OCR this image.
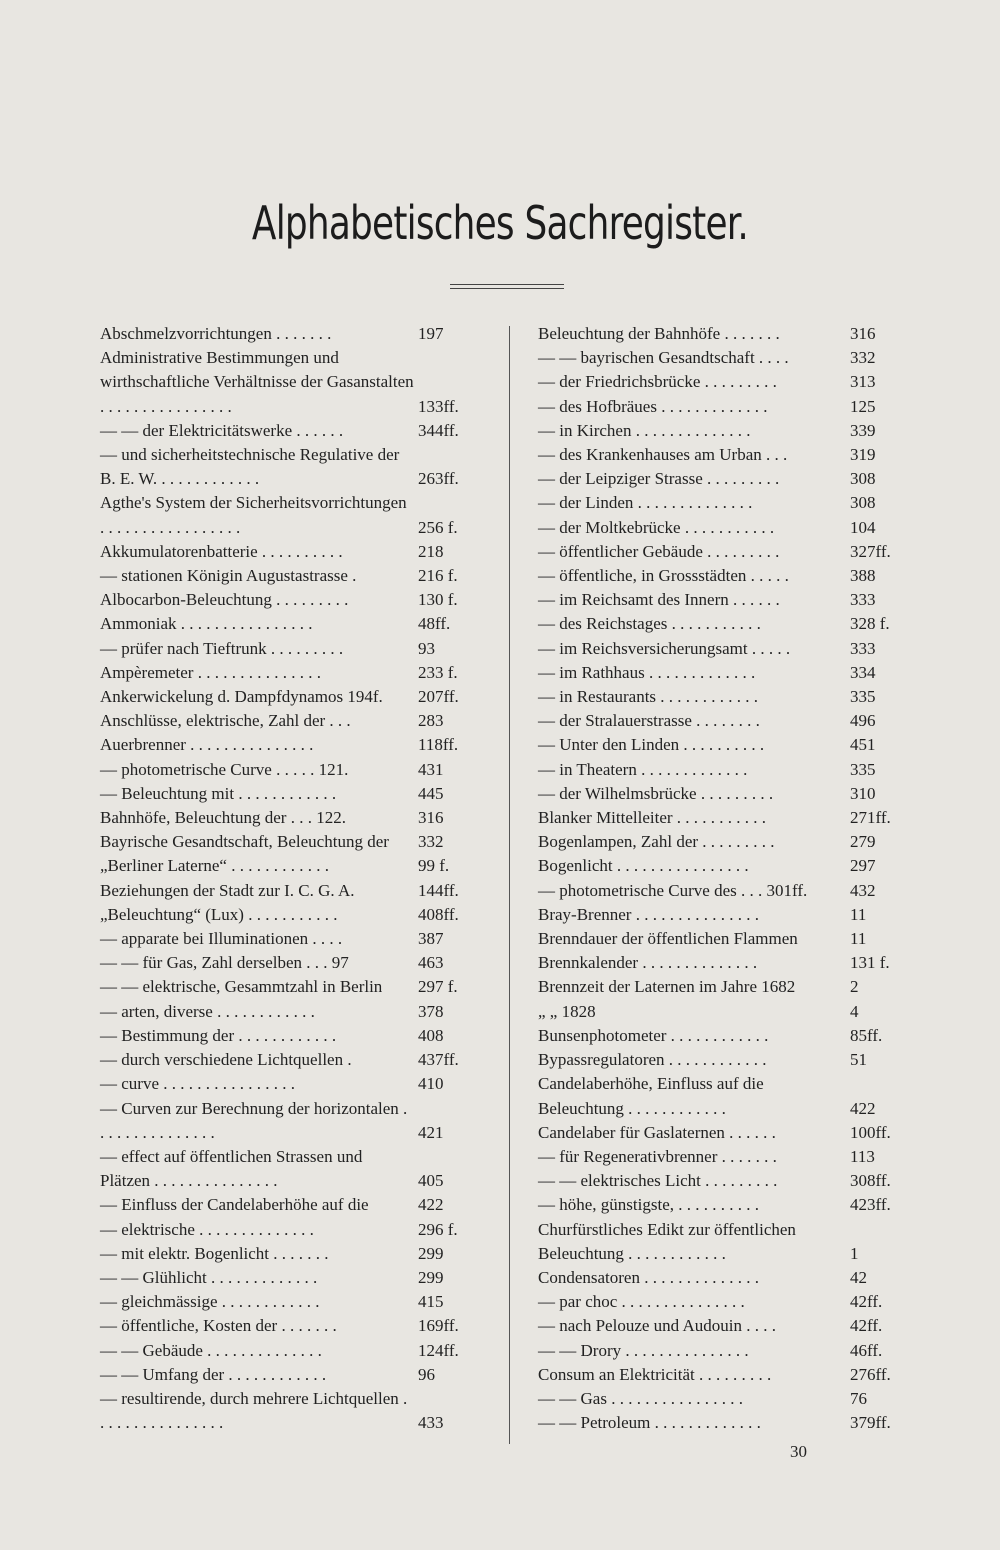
Alphabetisches Sachregister.
Abschmelzvorrichtungen . . . . . . .	197
Administrative Bestimmungen und wirthschaftliche Verhältnisse der Gasanstalten . . . . . . . . . . . . . . . .	133ff.
— — der Elektricitätswerke . . . . . .	344ff.
— und sicherheitstechnische Regulative der B. E. W. . . . . . . . . . . . .	263ff.
Agthe's System der Sicherheitsvorrichtungen . . . . . . . . . . . . . . . . .	256 f.
Akkumulatorenbatterie . . . . . . . . . .	218
— stationen Königin Augustastrasse .	216 f.
Albocarbon-Beleuchtung . . . . . . . . .	130 f.
Ammoniak . . . . . . . . . . . . . . . .	48ff.
— prüfer nach Tieftrunk . . . . . . . . .	93
Ampèremeter . . . . . . . . . . . . . . .	233 f.
Ankerwickelung d. Dampfdynamos 194f.	207ff.
Anschlüsse, elektrische, Zahl der . . .	283
Auerbrenner . . . . . . . . . . . . . . .	118ff.
— photometrische Curve . . . . . 121.	431
— Beleuchtung mit . . . . . . . . . . . .	445
Bahnhöfe, Beleuchtung der . . . 122.	316
Bayrische Gesandtschaft, Beleuchtung der	332
„Berliner Laterne“ . . . . . . . . . . . .	99 f.
Beziehungen der Stadt zur I. C. G. A.	144ff.
„Beleuchtung“ (Lux) . . . . . . . . . . .	408ff.
— apparate bei Illuminationen . . . .	387
— — für Gas, Zahl derselben . . . 97	463
— — elektrische, Gesammtzahl in Berlin	297 f.
— arten, diverse . . . . . . . . . . . .	378
— Bestimmung der . . . . . . . . . . . .	408
— durch verschiedene Lichtquellen .	437ff.
— curve . . . . . . . . . . . . . . . .	410
— Curven zur Berechnung der horizontalen . . . . . . . . . . . . . . .	421
— effect auf öffentlichen Strassen und Plätzen . . . . . . . . . . . . . . .	405
— Einfluss der Candelaberhöhe auf die	422
— elektrische . . . . . . . . . . . . . .	296 f.
— mit elektr. Bogenlicht . . . . . . .	299
— — Glühlicht . . . . . . . . . . . . .	299
— gleichmässige . . . . . . . . . . . .	415
— öffentliche, Kosten der . . . . . . .	169ff.
— — Gebäude . . . . . . . . . . . . . .	124ff.
— — Umfang der . . . . . . . . . . . .	96
— resultirende, durch mehrere Lichtquellen . . . . . . . . . . . . . . . .	433
Beleuchtung der Bahnhöfe . . . . . . .	316
— — bayrischen Gesandtschaft . . . .	332
— der Friedrichsbrücke . . . . . . . . .	313
— des Hofbräues . . . . . . . . . . . . .	125
— in Kirchen . . . . . . . . . . . . . .	339
— des Krankenhauses am Urban . . .	319
— der Leipziger Strasse . . . . . . . . .	308
— der Linden . . . . . . . . . . . . . .	308
— der Moltkebrücke . . . . . . . . . . .	104
— öffentlicher Gebäude . . . . . . . . .	327ff.
— öffentliche, in Grossstädten . . . . .	388
— im Reichsamt des Innern . . . . . .	333
— des Reichstages . . . . . . . . . . .	328 f.
— im Reichsversicherungsamt . . . . .	333
— im Rathhaus . . . . . . . . . . . . .	334
— in Restaurants . . . . . . . . . . . .	335
— der Stralauerstrasse . . . . . . . .	496
— Unter den Linden . . . . . . . . . .	451
— in Theatern . . . . . . . . . . . . .	335
— der Wilhelmsbrücke . . . . . . . . .	310
Blanker Mittelleiter . . . . . . . . . . .	271ff.
Bogenlampen, Zahl der . . . . . . . . .	279
Bogenlicht . . . . . . . . . . . . . . . .	297
— photometrische Curve des . . . 301ff.	432
Bray-Brenner . . . . . . . . . . . . . . .	11
Brenndauer der öffentlichen Flammen	11
Brennkalender . . . . . . . . . . . . . .	131 f.
Brennzeit der Laternen im Jahre 1682	2
„ „ 1828	4
Bunsenphotometer . . . . . . . . . . . .	85ff.
Bypassregulatoren . . . . . . . . . . . .	51
Candelaberhöhe, Einfluss auf die Beleuchtung . . . . . . . . . . . .	422
Candelaber für Gaslaternen . . . . . .	100ff.
— für Regenerativbrenner . . . . . . .	113
— — elektrisches Licht . . . . . . . . .	308ff.
— höhe, günstigste, . . . . . . . . . .	423ff.
Churfürstliches Edikt zur öffentlichen Beleuchtung . . . . . . . . . . . .	1
Condensatoren . . . . . . . . . . . . . .	42
— par choc . . . . . . . . . . . . . . .	42ff.
— nach Pelouze und Audouin . . . .	42ff.
— — Drory . . . . . . . . . . . . . . .	46ff.
Consum an Elektricität . . . . . . . . .	276ff.
— — Gas . . . . . . . . . . . . . . . .	76
— — Petroleum . . . . . . . . . . . . .	379ff.
30
